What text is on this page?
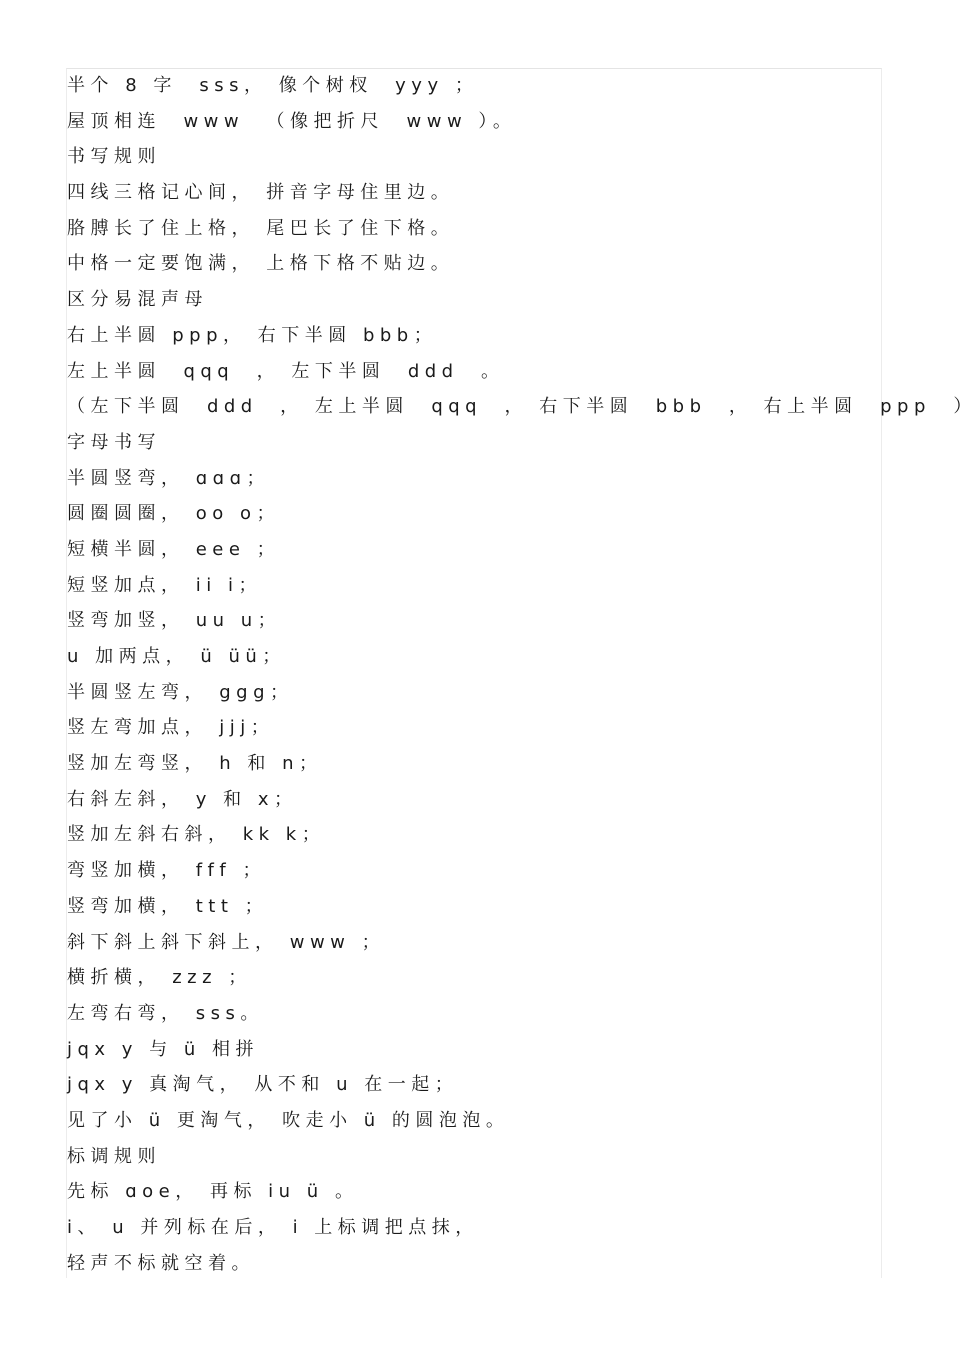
半个 8 字  sss， 像个树杈  yyy ；
屋顶相连  www  （像把折尺  www ）。
书写规则
四线三格记心间， 拼音字母住里边。
胳膊长了住上格， 尾巴长了住下格。
中格一定要饱满， 上格下格不贴边。
区分易混声母
右上半圆 ppp， 右下半圆 bbb；
左上半圆  qqq  ， 左下半圆  ddd  。
（左下半圆  ddd  ， 左上半圆  qqq  ， 右下半圆  bbb  ， 右上半圆  ppp  ）
字母书写
半圆竖弯， ɑɑɑ；
圆圈圆圈， oo o；
短横半圆， eee ；
短竖加点， ii i；
竖弯加竖， uu u；
u 加两点， ü üü；
半圆竖左弯， ggg；
竖左弯加点， jjj；
竖加左弯竖， h 和 n；
右斜左斜， y 和 x；
竖加左斜右斜， kk k；
弯竖加横， fff ；
竖弯加横， ttt ；
斜下斜上斜下斜上， www ；
横折横， zzz ；
左弯右弯， sss。
jqx y 与 ü 相拼
jqx y 真淘气， 从不和 u 在一起；
见了小 ü 更淘气， 吹走小 ü 的圆泡泡。
标调规则
先标 ɑoe， 再标 iu ü 。
i、 u 并列标在后， i 上标调把点抹，
轻声不标就空着。
